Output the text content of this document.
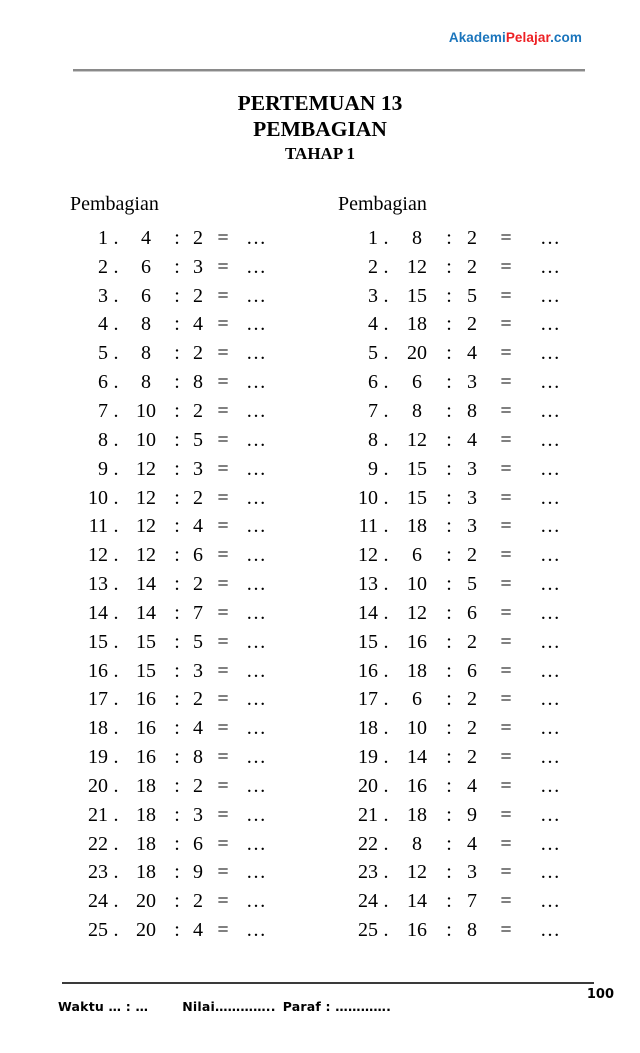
AkademiPelajar.com
PERTEMUAN 13
PEMBAGIAN
TAHAP 1
Pembagian
1 .	4	: 2 = …
2 .	6	: 3 = …
3 .	6	: 2 = …
4 .	8	: 4 = …
5 .	8	: 2 = …
6 .	8	: 8 = …
7 . 10 : 2 = …
8 . 10 : 5 = …
9 . 12 : 3 = …
10 . 12 : 2 = …
11 . 12 : 4 = …
12 . 12 : 6 = …
13 . 14 : 2 = …
14 . 14 : 7 = …
15 . 15 : 5 = …
16 . 15 : 3 = …
17 . 16 : 2 = …
18 . 16 : 4 = …
19 . 16 : 8 = …
20 . 18 : 2 = …
21 . 18 : 3 = …
22 . 18 : 6 = …
23 . 18 : 9 = …
24 . 20 : 2 = …
25 . 20 : 4 = …
Pembagian
1 .	8	: 2	=	…
2 . 12 : 2	=	…
3 . 15 : 5	=	…
4 . 18 : 2	=	…
5 . 20 : 4	=	…
6 .	6	: 3	=	…
7 .	8	: 8	=	…
8 . 12 : 4	=	…
9 . 15 : 3	=	…
10 . 15 : 3	=	…
11 . 18 : 3	=	…
12 .	6	: 2	=	…
13 . 10 : 5	=	…
14 . 12 : 6	=	…
15 . 16 : 2	=	…
16 . 18 : 6	=	…
17 .	6	: 2	=	…
18 . 10 : 2	=	…
19 . 14 : 2	=	…
20 . 16 : 4	=	…
21 . 18 : 9	=	…
22 .	8	: 4	=	…
23 . 12 : 3	=	…
24 . 14 : 7	=	…
25 . 16 : 8	=	…
100
Waktu … : …	Nilai………….. Paraf : ………….
